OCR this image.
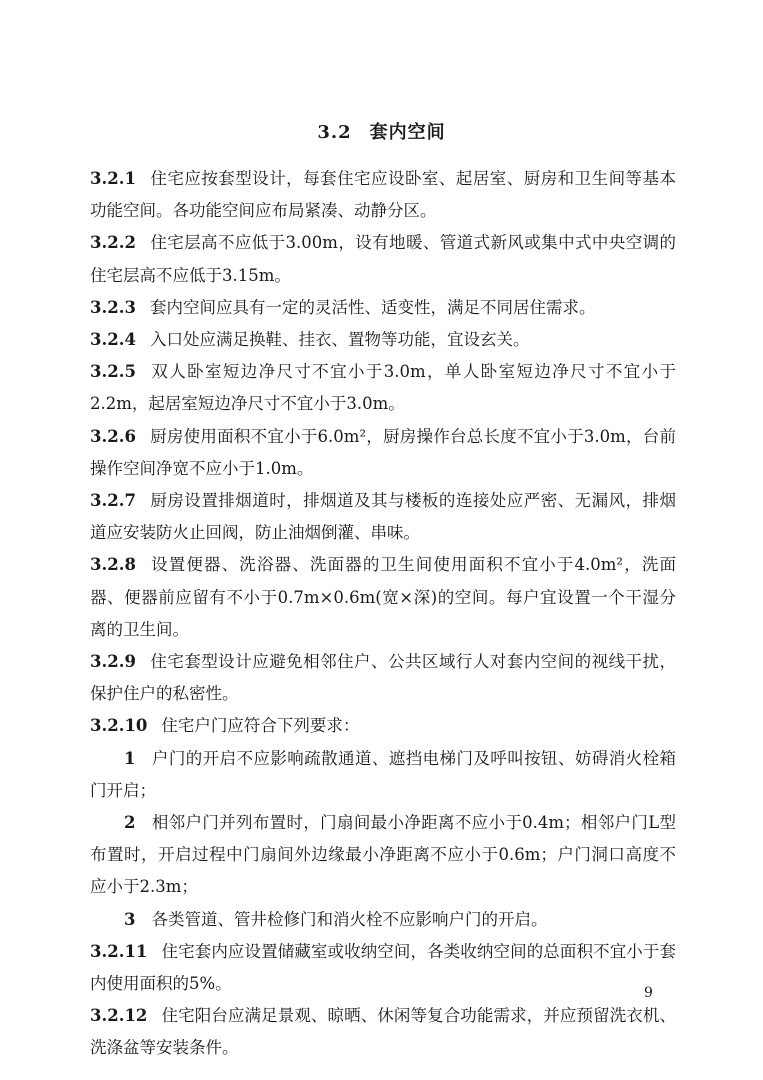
3.2 套内空间

3.2.1 住宅应按套型设计，每套住宅应设卧室、起居室、厨房和卫生间等基本功能空间。各功能空间应布局紧凑、动静分区。

3.2.2 住宅层高不应低于3.00m，设有地暖、管道式新风或集中式中央空调的住宅层高不应低于3.15m。

3.2.3 套内空间应具有一定的灵活性、适变性，满足不同居住需求。

3.2.4 入口处应满足换鞋、挂衣、置物等功能，宜设玄关。

3.2.5 双人卧室短边净尺寸不宜小于3.0m，单人卧室短边净尺寸不宜小于2.2m，起居室短边净尺寸不宜小于3.0m。

3.2.6 厨房使用面积不宜小于6.0m²，厨房操作台总长度不宜小于3.0m，台前操作空间净宽不应小于1.0m。

3.2.7 厨房设置排烟道时，排烟道及其与楼板的连接处应严密、无漏风，排烟道应安装防火止回阀，防止油烟倒灌、串味。

3.2.8 设置便器、洗浴器、洗面器的卫生间使用面积不宜小于4.0m²，洗面器、便器前应留有不小于0.7m×0.6m(宽×深)的空间。每户宜设置一个干湿分离的卫生间。

3.2.9 住宅套型设计应避免相邻住户、公共区域行人对套内空间的视线干扰，保护住户的私密性。

3.2.10 住宅户门应符合下列要求：

1 户门的开启不应影响疏散通道、遮挡电梯门及呼叫按钮、妨碍消火栓箱门开启；

2 相邻户门并列布置时，门扇间最小净距离不应小于0.4m；相邻户门L型布置时，开启过程中门扇间外边缘最小净距离不应小于0.6m；户门洞口高度不应小于2.3m；

3 各类管道、管井检修门和消火栓不应影响户门的开启。

3.2.11 住宅套内应设置储藏室或收纳空间，各类收纳空间的总面积不宜小于套内使用面积的5%。

3.2.12 住宅阳台应满足景观、晾晒、休闲等复合功能需求，并应预留洗衣机、洗涤盆等安装条件。

9
